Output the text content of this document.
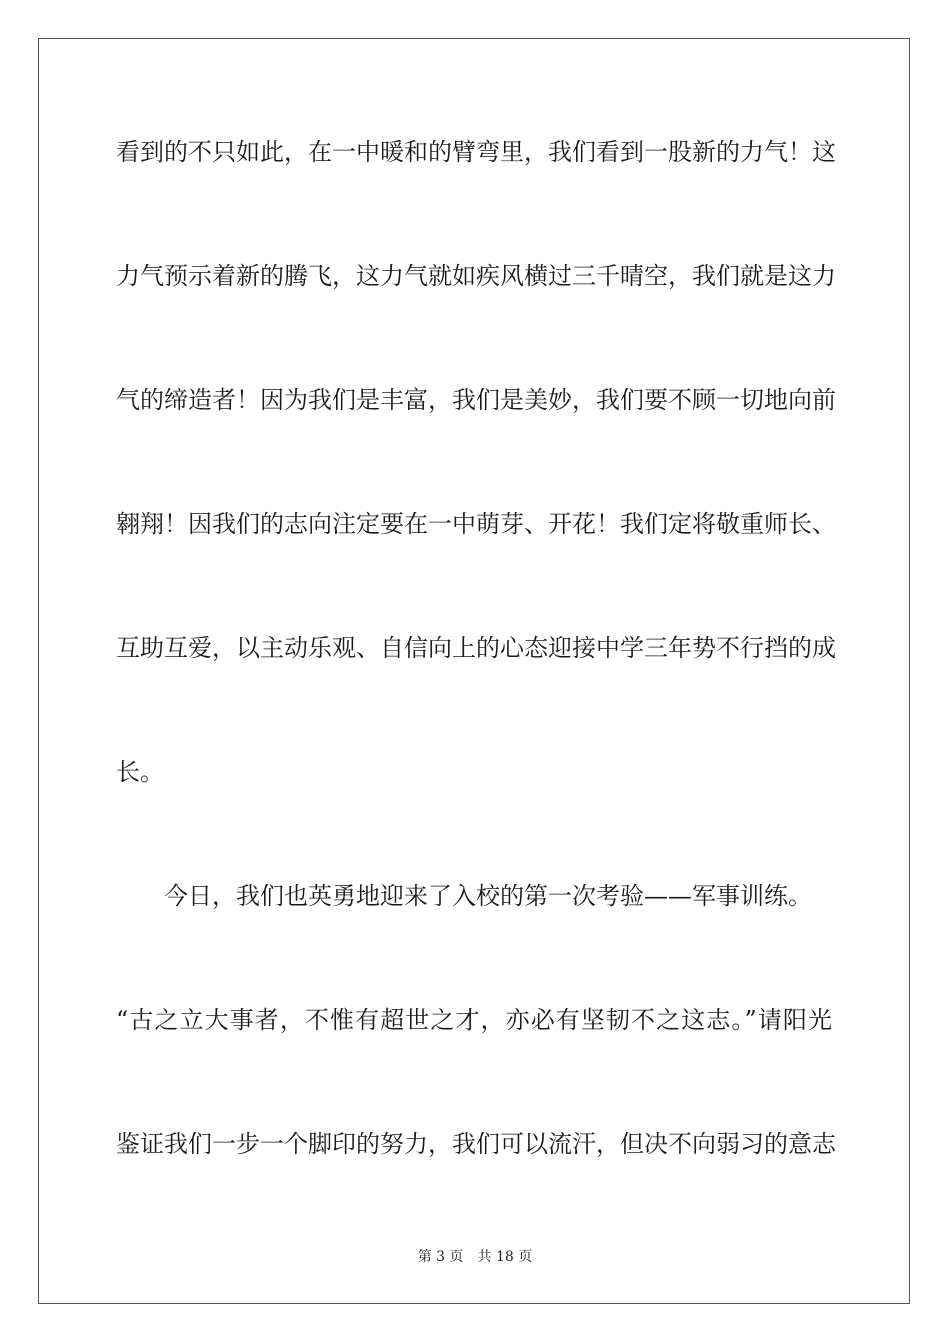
看到的不只如此，在一中暖和的臂弯里，我们看到一股新的力气！这
力气预示着新的腾飞，这力气就如疾风横过三千晴空，我们就是这力
气的缔造者！因为我们是丰富，我们是美妙，我们要不顾一切地向前
翱翔！因我们的志向注定要在一中萌芽、开花！我们定将敬重师长、
互助互爱，以主动乐观、自信向上的心态迎接中学三年势不行挡的成
长。
今日，我们也英勇地迎来了入校的第一次考验——军事训练。
“古之立大事者，不惟有超世之才，亦必有坚韧不之这志。”请阳光
鉴证我们一步一个脚印的努力，我们可以流汗，但决不向弱习的意志
第 3 页　共 18 页
